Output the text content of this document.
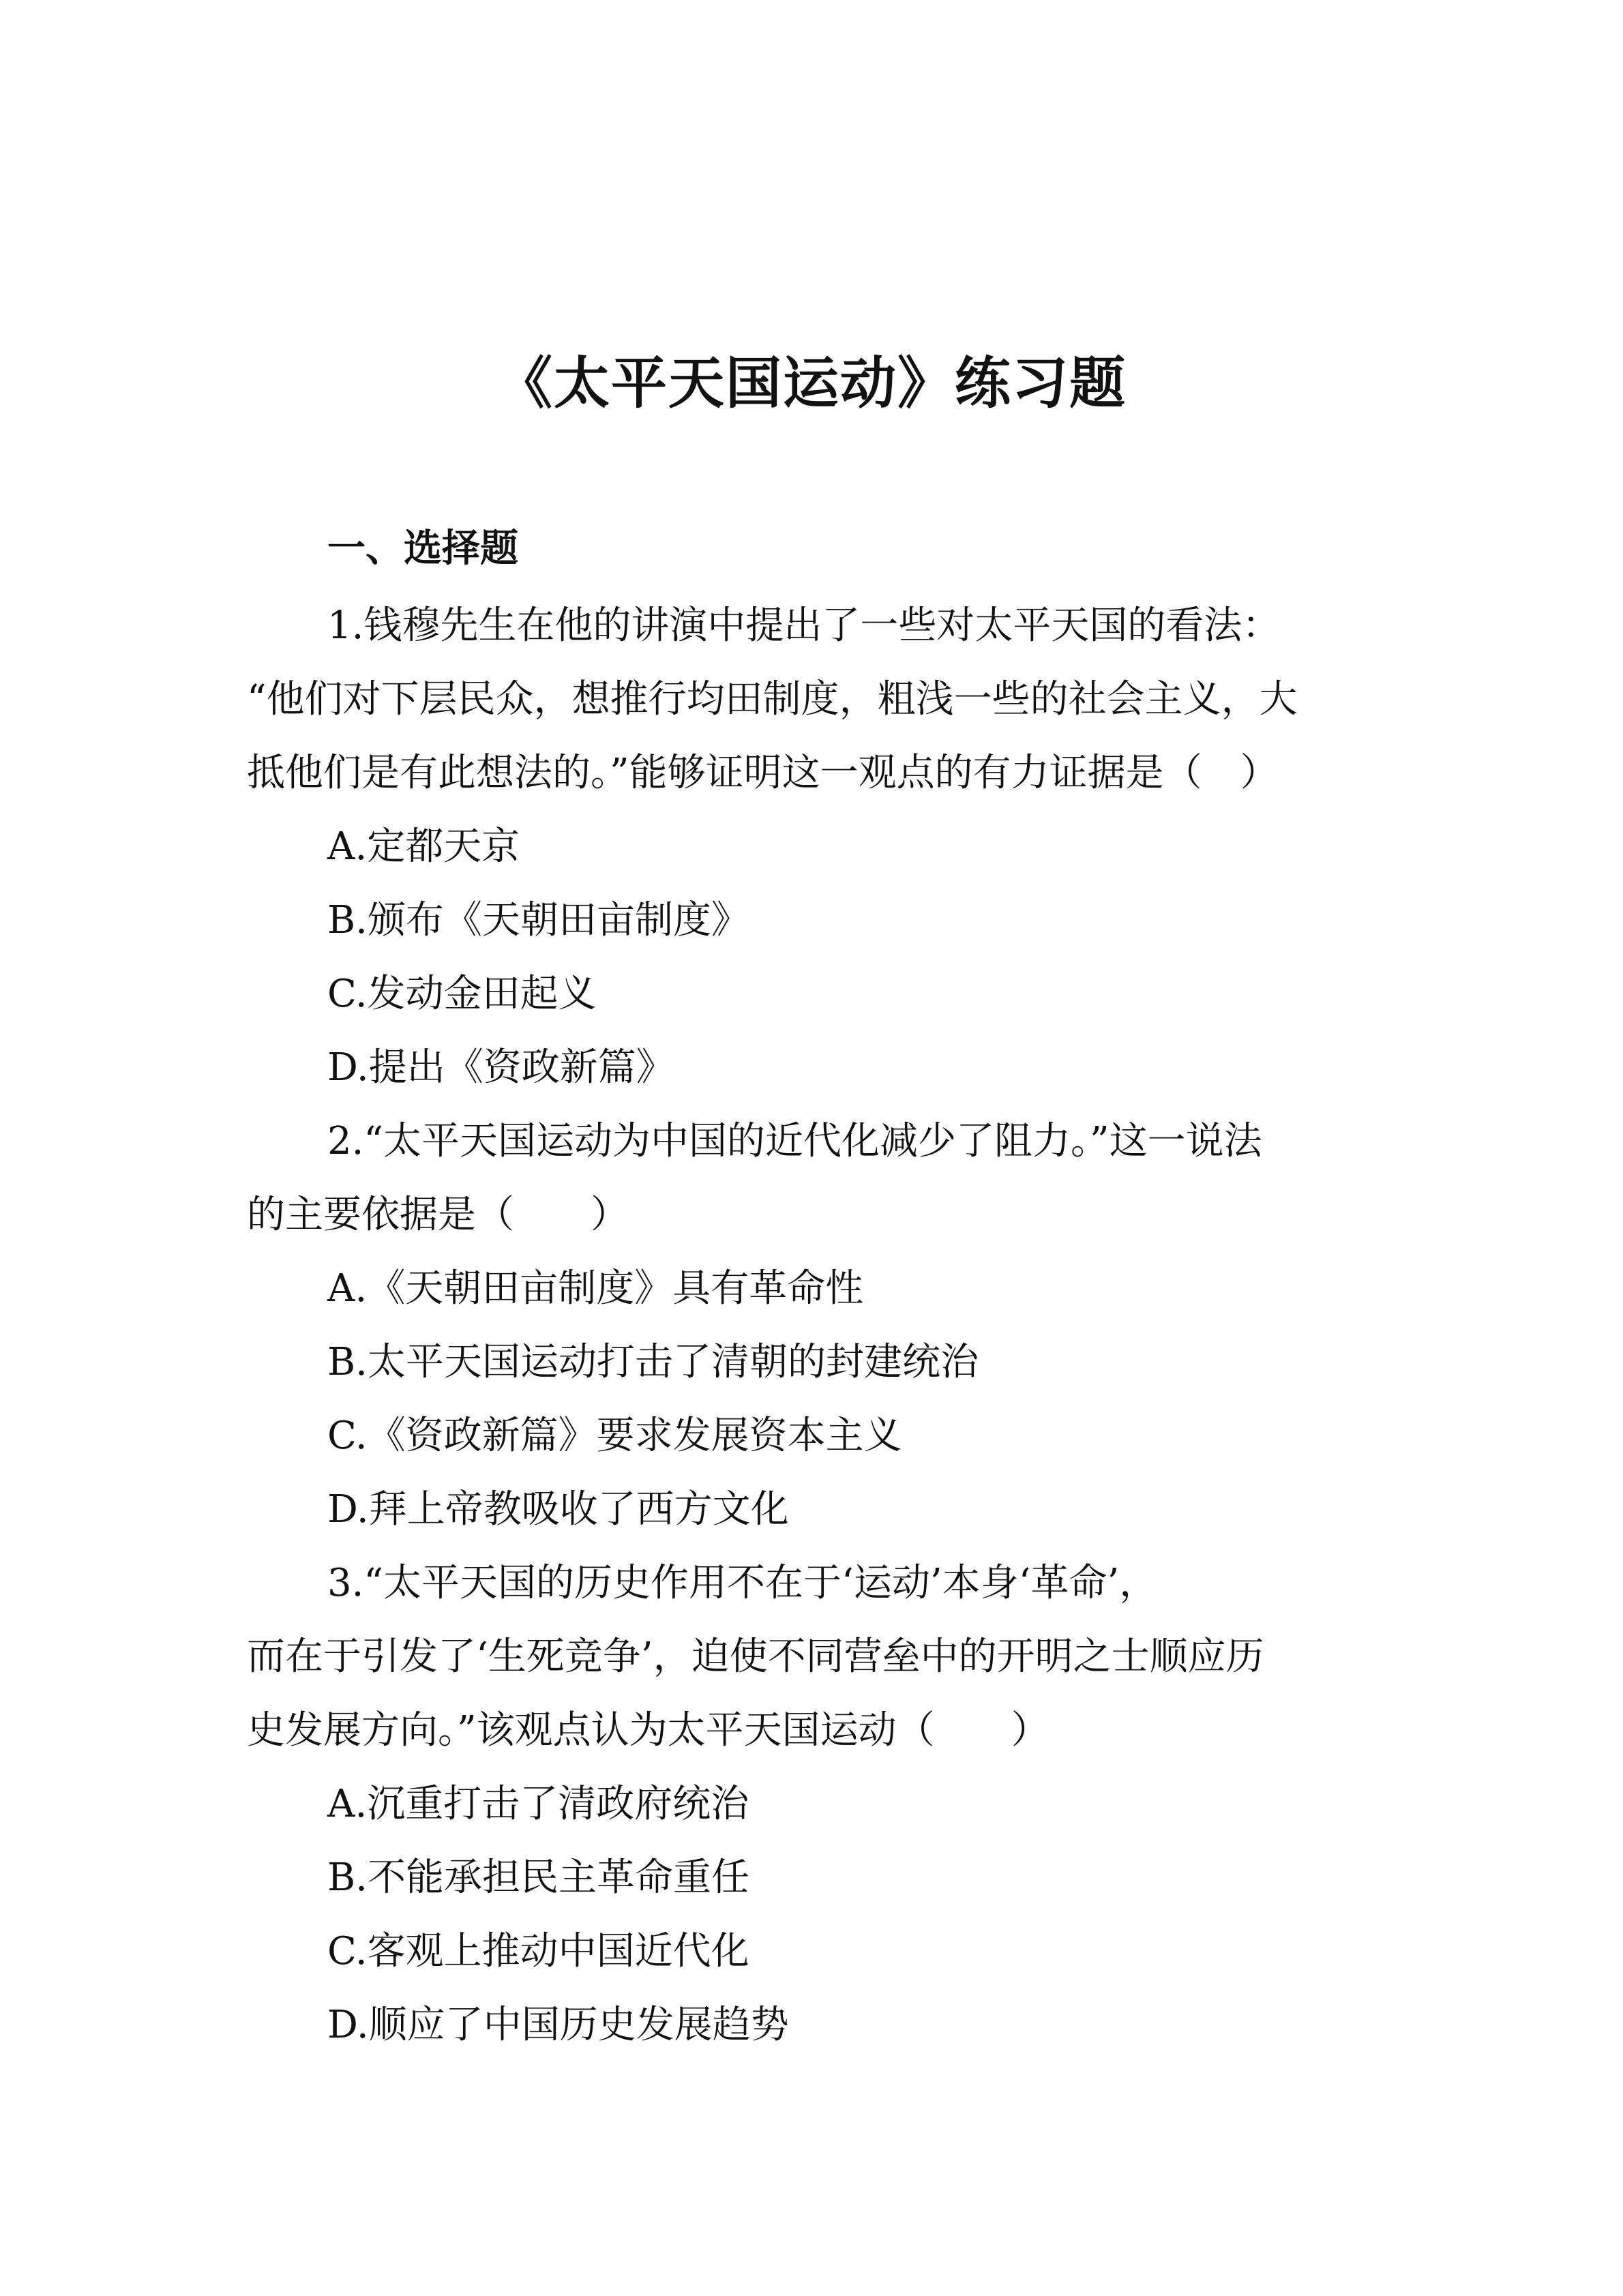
《太平天国运动》练习题
一、选择题
1.钱穆先生在他的讲演中提出了一些对太平天国的看法：
“他们对下层民众，想推行均田制度，粗浅一些的社会主义，大
抵他们是有此想法的。”能够证明这一观点的有力证据是（　）
A.定都天京
B.颁布《天朝田亩制度》
C.发动金田起义
D.提出《资政新篇》
2.“太平天国运动为中国的近代化减少了阻力。”这一说法
的主要依据是（　　）
A.《天朝田亩制度》具有革命性
B.太平天国运动打击了清朝的封建统治
C.《资政新篇》要求发展资本主义
D.拜上帝教吸收了西方文化
3.“太平天国的历史作用不在于‘运动’本身‘革命’，
而在于引发了‘生死竞争’，迫使不同营垒中的开明之士顺应历
史发展方向。”该观点认为太平天国运动（　　）
A.沉重打击了清政府统治
B.不能承担民主革命重任
C.客观上推动中国近代化
D.顺应了中国历史发展趋势
